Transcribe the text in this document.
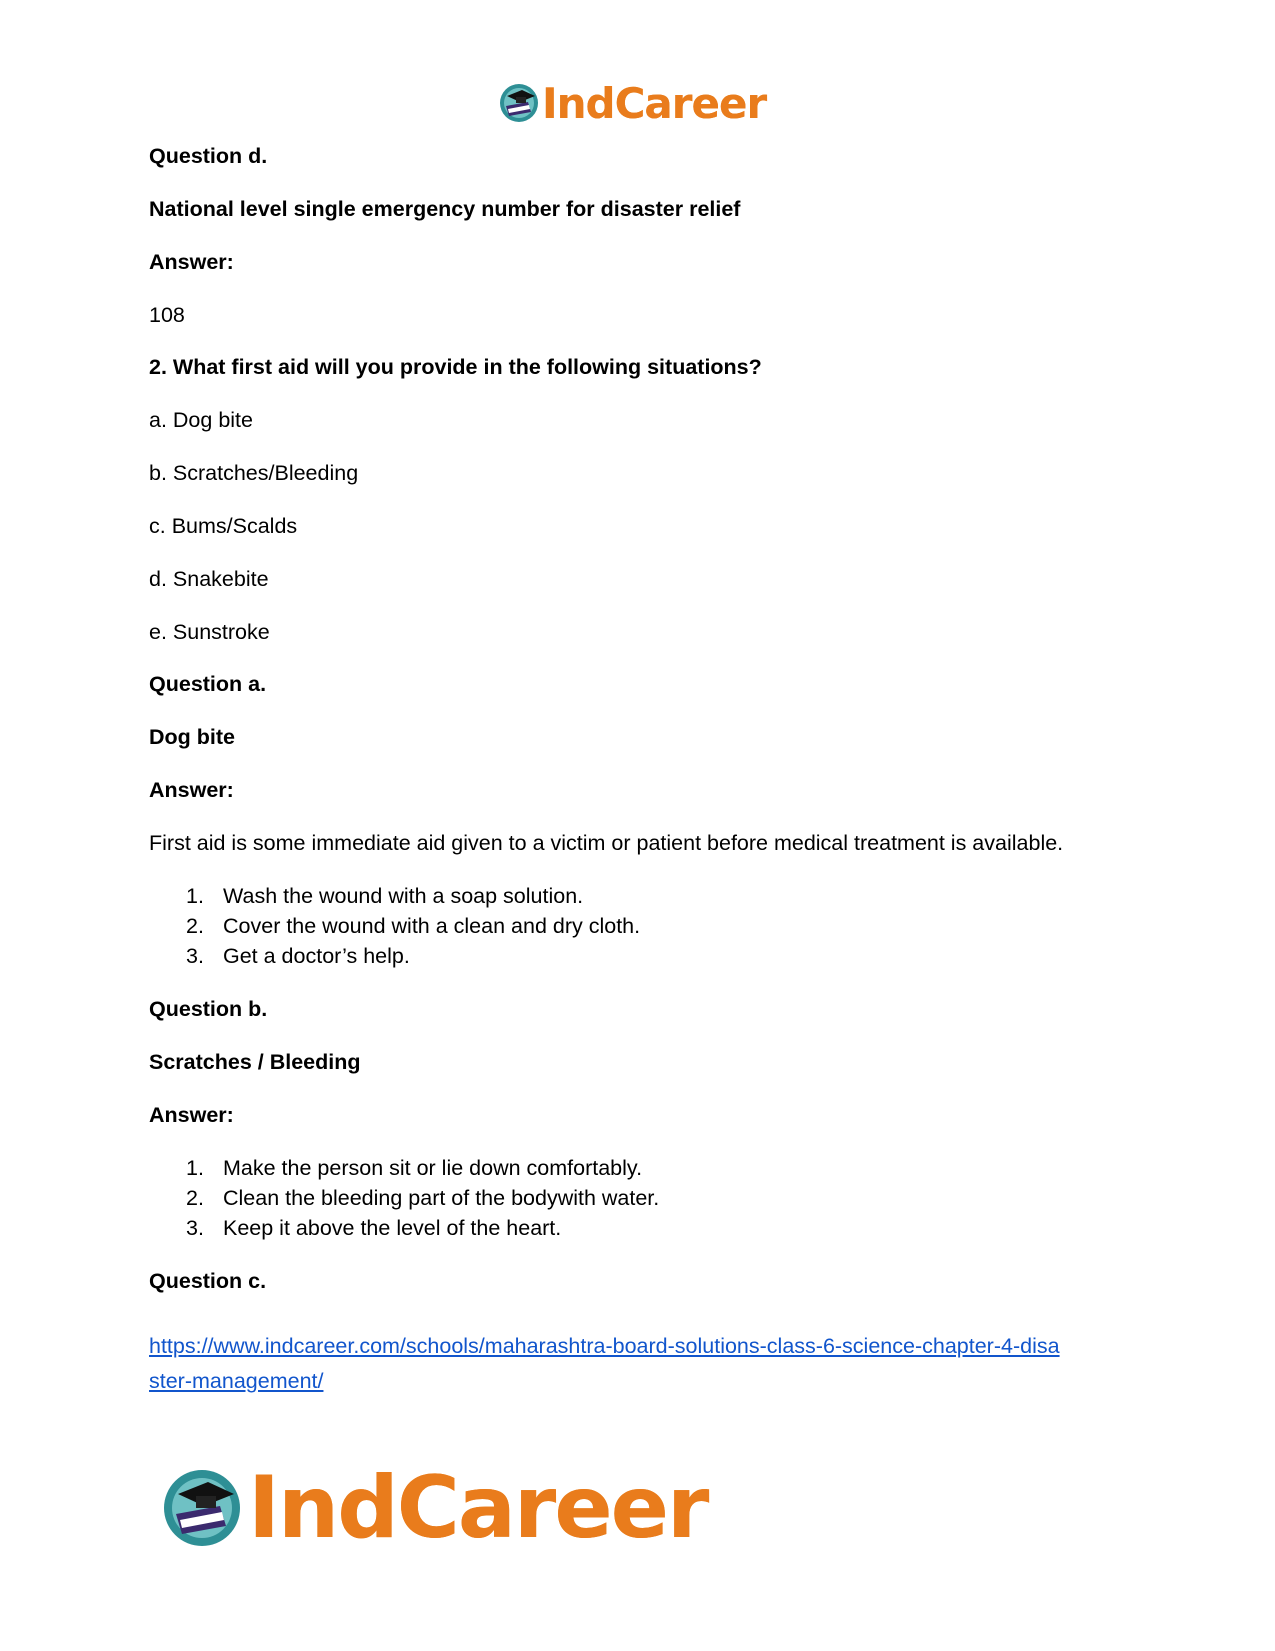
IndCareer
Question d.
National level single emergency number for disaster relief
Answer:
108
2. What first aid will you provide in the following situations?
a. Dog bite
b. Scratches/Bleeding
c. Bums/Scalds
d. Snakebite
e. Sunstroke
Question a.
Dog bite
Answer:
First aid is some immediate aid given to a victim or patient before medical treatment is available.
1. Wash the wound with a soap solution.
2. Cover the wound with a clean and dry cloth.
3. Get a doctor’s help.
Question b.
Scratches / Bleeding
Answer:
1. Make the person sit or lie down comfortably.
2. Clean the bleeding part of the bodywith water.
3. Keep it above the level of the heart.
Question c.
https://www.indcareer.com/schools/maharashtra-board-solutions-class-6-science-chapter-4-disa
ster-management/
IndCareer
